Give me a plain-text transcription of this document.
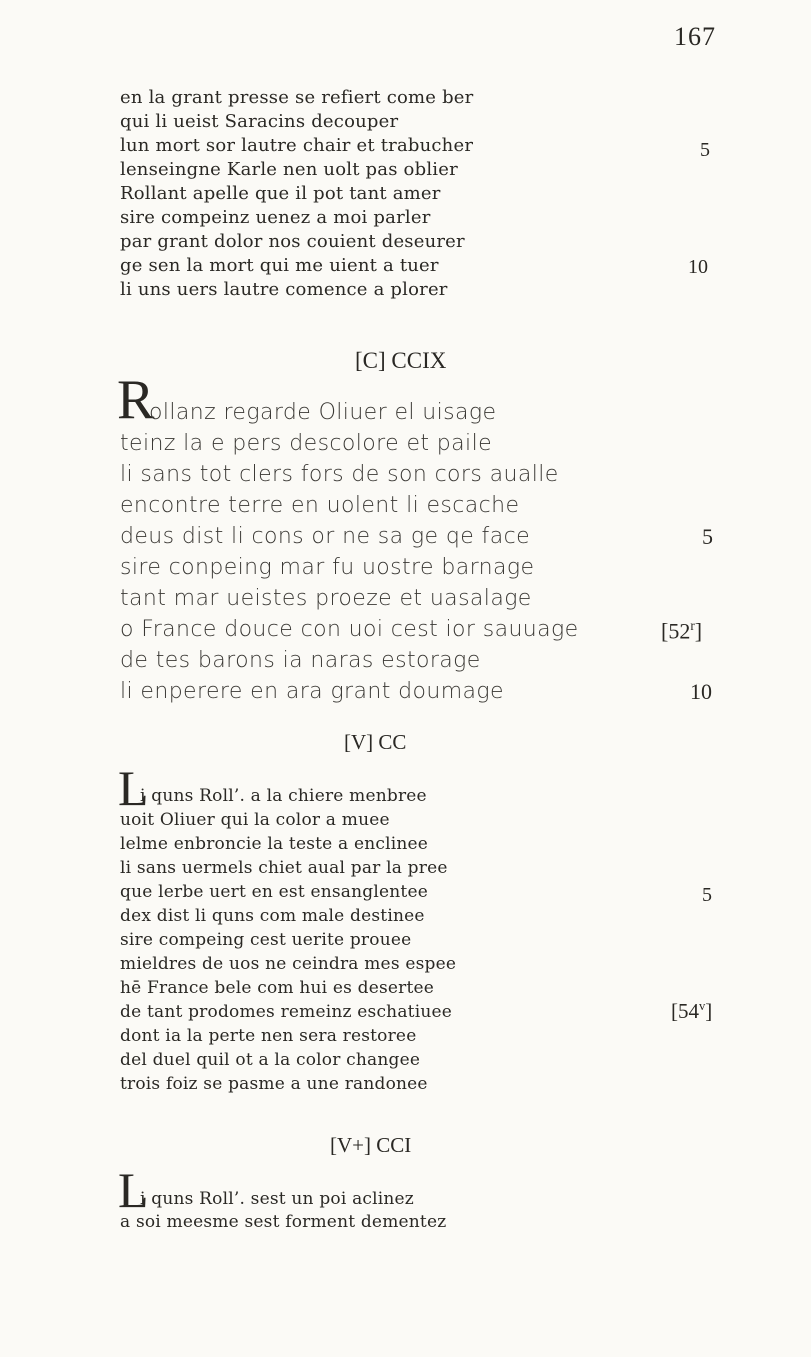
167
en la grant presse se refiert come ber
qui li ueist Saracins decouper
lun mort sor lautre chair et trabucher
lenseingne Karle nen uolt pas oblier
Rollant apelle que il pot tant amer
sire compeinz uenez a moi parler
par grant dolor nos couient deseurer
ge sen la mort qui me uient a tuer
li uns uers lautre comence a plorer
5
10
[C] CCIX
R
ollanz regarde Oliuer el uisage
teinz la e pers descolore et paile
li sans tot clers fors de son cors aualle
encontre terre en uolent li escache
deus dist li cons or ne sa ge qe face
sire conpeing mar fu uostre barnage
tant mar ueistes proeze et uasalage
o France douce con uoi cest ior sauuage
de tes barons ia naras estorage
li enperere en ara grant doumage
5
[52$^r$]
10
[V] CC
L
i quns Roll’. a la chiere menbree
uoit Oliuer qui la color a muee
lelme enbroncie la teste a enclinee
li sans uermels chiet aual par la pree
que lerbe uert en est ensanglentee
dex dist li quns com male destinee
sire compeing cest uerite prouee
mieldres de uos ne ceindra mes espee
hē France bele com hui es desertee
de tant prodomes remeinz eschatiuee
dont ia la perte nen sera restoree
del duel quil ot a la color changee
trois foiz se pasme a une randonee
5
[54$^v$]
[V+] CCI
L
i quns Roll’. sest un poi aclinez
a soi meesme sest forment dementez
